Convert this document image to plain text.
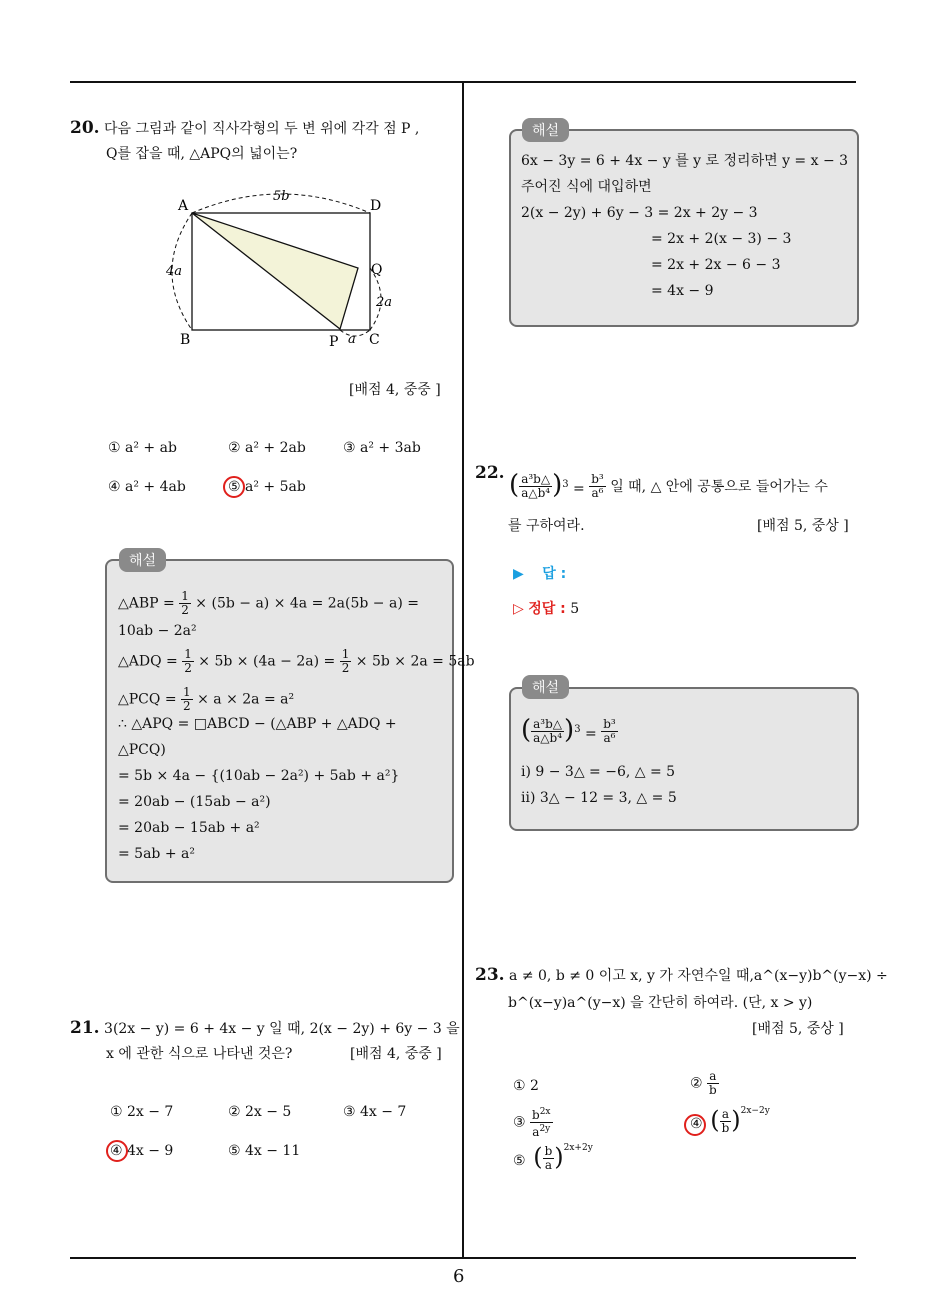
20. 다음 그림과 같이 직사각형의 두 변 위에 각각 점 P ,
Q를 잡을 때, △APQ의 넓이는?
A	D
B	C
P
Q
5b
4a
2a
a
[배점 4, 중중 ]
① a² + ab	② a² + 2ab	③ a² + 3ab
④ a² + 4ab	⑤ a² + 5ab
해설
△ABP = $\frac{1}{2} \times (5b - a) \times 4a = 2a(5b - a)$ =
10ab − 2a²
△ADQ = $\frac{1}{2} \times 5b \times (4a - 2a) = \frac{1}{2} \times 5b \times 2a = 5ab$
△PCQ = $\frac{1}{2} \times a \times 2a = a^2$
∴ △APQ = □ABCD − (△ABP + △ADQ +
△PCQ)
= 5b × 4a − {(10ab − 2a²) + 5ab + a²}
= 20ab − (15ab − a²)
= 20ab − 15ab + a²
= 5ab + a²
21. 3(2x − y) = 6 + 4x − y 일 때, 2(x − 2y) + 6y − 3 을
x 에 관한 식으로 나타낸 것은?	[배점 4, 중중 ]
① 2x − 7	② 2x − 5	③ 4x − 7
④ 4x − 9	⑤ 4x − 11
해설
6x − 3y = 6 + 4x − y 를 y 로 정리하면 y = x − 3
주어진 식에 대입하면
2(x − 2y) + 6y − 3 = 2x + 2y − 3
= 2x + 2(x − 3) − 3
= 2x + 2x − 6 − 3
= 4x − 9
22. ( $\frac{\text{a³b△}}{\text{a△b⁴}} )^3 = \frac{\text{b³}}{\text{a⁶}}$ 일 때, △ 안에 공통으로 들어가는 수
를 구하여라.	[배점 5, 중상 ]
▶ 답 :
▷ 정답 : 5
해설
( $\frac{\text{a³b△}}{\text{a△b⁴}} )^3 = \frac{\text{b³}}{\text{a⁶}}$
ⅰ) 9 − 3△ = −6, △ = 5
ⅱ) 3△ − 12 = 3, △ = 5
23. a ≠ 0, b ≠ 0 이고 x, y 가 자연수일 때,a^(x−y)b^(y−x) ÷
b^(x−y)a^(y−x) 을 간단히 하여라. (단, x > y)
[배점 5, 중상 ]
① 2	② $\frac{a}{b}$
③ $\frac{b^{2x}}{a^{2y}}$	④ ( $\frac{a}{b} )^{2x-2y}$
⑤ ( $\frac{b}{a} )^{2x+2y}$
6
